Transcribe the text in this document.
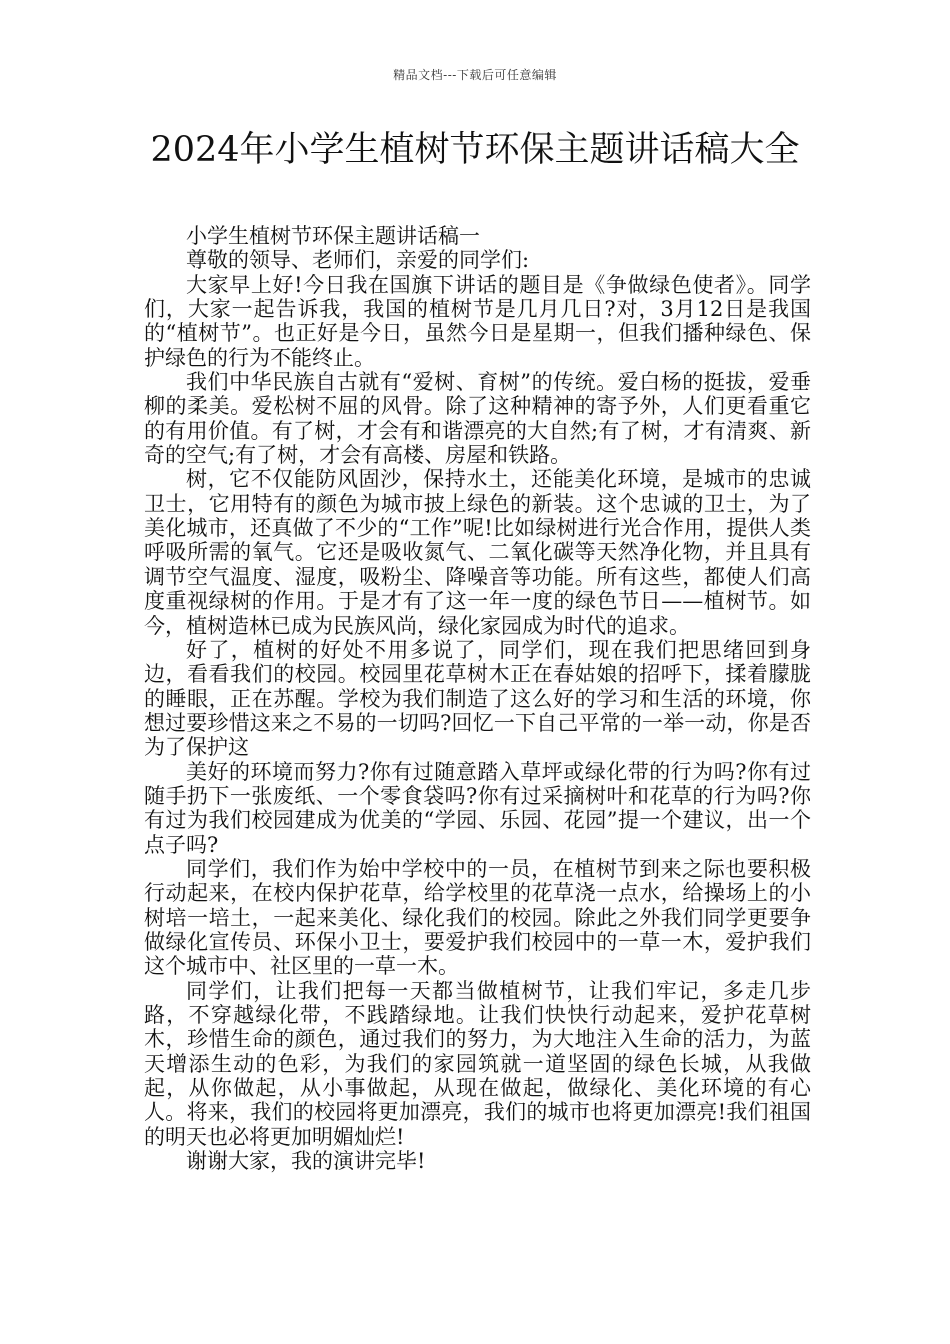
精品文档---下载后可任意编辑
2024年小学生植树节环保主题讲话稿大全

小学生植树节环保主题讲话稿一

尊敬的领导、老师们，亲爱的同学们:

大家早上好!今日我在国旗下讲话的题目是《争做绿色使者》。同学们，大家一起告诉我，我国的植树节是几月几日?对，3月12日是我国的“植树节”。也正好是今日，虽然今日是星期一，但我们播种绿色、保护绿色的行为不能终止。

我们中华民族自古就有“爱树、育树”的传统。爱白杨的挺拔，爱垂柳的柔美。爱松树不屈的风骨。除了这种精神的寄予外，人们更看重它的有用价值。有了树，才会有和谐漂亮的大自然;有了树，才有清爽、新奇的空气;有了树，才会有高楼、房屋和铁路。

树，它不仅能防风固沙，保持水土，还能美化环境，是城市的忠诚卫士，它用特有的颜色为城市披上绿色的新装。这个忠诚的卫士，为了美化城市，还真做了不少的“工作”呢!比如绿树进行光合作用，提供人类呼吸所需的氧气。它还是吸收氮气、二氧化碳等天然净化物，并且具有调节空气温度、湿度，吸粉尘、降噪音等功能。所有这些，都使人们高度重视绿树的作用。于是才有了这一年一度的绿色节日——植树节。如今，植树造林已成为民族风尚，绿化家园成为时代的追求。

好了，植树的好处不用多说了，同学们，现在我们把思绪回到身边，看看我们的校园。校园里花草树木正在春姑娘的招呼下，揉着朦胧的睡眼，正在苏醒。学校为我们制造了这么好的学习和生活的环境，你想过要珍惜这来之不易的一切吗?回忆一下自己平常的一举一动，你是否为了保护这

美好的环境而努力?你有过随意踏入草坪或绿化带的行为吗?你有过随手扔下一张废纸、一个零食袋吗?你有过采摘树叶和花草的行为吗?你有过为我们校园建成为优美的“学园、乐园、花园”提一个建议，出一个点子吗?

同学们，我们作为始中学校中的一员，在植树节到来之际也要积极行动起来，在校内保护花草，给学校里的花草浇一点水，给操场上的小树培一培土，一起来美化、绿化我们的校园。除此之外我们同学更要争做绿化宣传员、环保小卫士，要爱护我们校园中的一草一木，爱护我们这个城市中、社区里的一草一木。

同学们，让我们把每一天都当做植树节，让我们牢记，多走几步路，不穿越绿化带，不践踏绿地。让我们快快行动起来，爱护花草树木，珍惜生命的颜色，通过我们的努力，为大地注入生命的活力，为蓝天增添生动的色彩，为我们的家园筑就一道坚固的绿色长城，从我做起，从你做起，从小事做起，从现在做起，做绿化、美化环境的有心人。将来，我们的校园将更加漂亮，我们的城市也将更加漂亮!我们祖国的明天也必将更加明媚灿烂!

谢谢大家，我的演讲完毕!
